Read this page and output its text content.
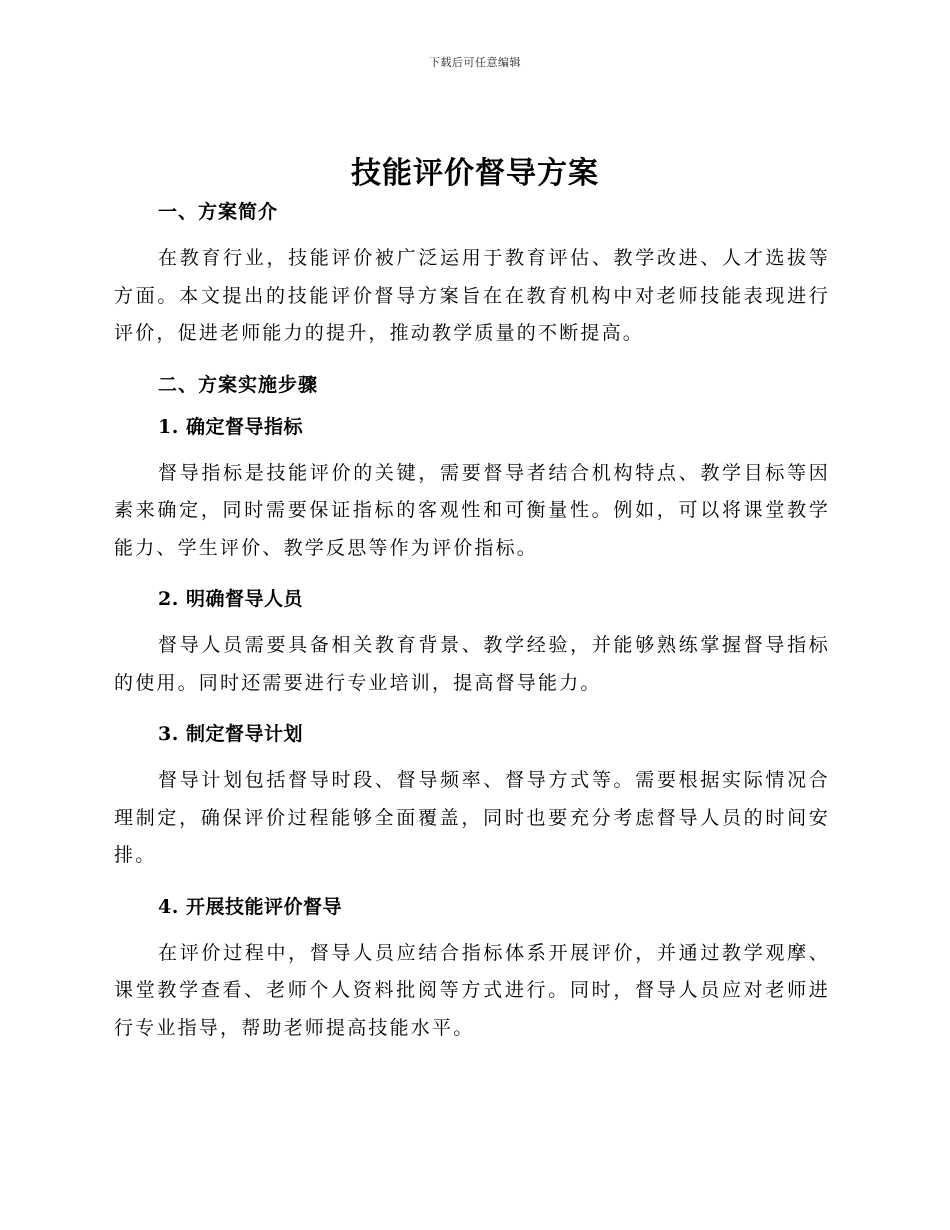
下载后可任意编辑
技能评价督导方案
一、方案简介

在教育行业，技能评价被广泛运用于教育评估、教学改进、人才选拔等方面。本文提出的技能评价督导方案旨在在教育机构中对老师技能表现进行评价，促进老师能力的提升，推动教学质量的不断提高。

二、方案实施步骤
1. 确定督导指标

督导指标是技能评价的关键，需要督导者结合机构特点、教学目标等因素来确定，同时需要保证指标的客观性和可衡量性。例如，可以将课堂教学能力、学生评价、教学反思等作为评价指标。

2. 明确督导人员

督导人员需要具备相关教育背景、教学经验，并能够熟练掌握督导指标的使用。同时还需要进行专业培训，提高督导能力。

3. 制定督导计划

督导计划包括督导时段、督导频率、督导方式等。需要根据实际情况合理制定，确保评价过程能够全面覆盖，同时也要充分考虑督导人员的时间安排。

4. 开展技能评价督导

在评价过程中，督导人员应结合指标体系开展评价，并通过教学观摩、课堂教学查看、老师个人资料批阅等方式进行。同时，督导人员应对老师进行专业指导，帮助老师提高技能水平。
